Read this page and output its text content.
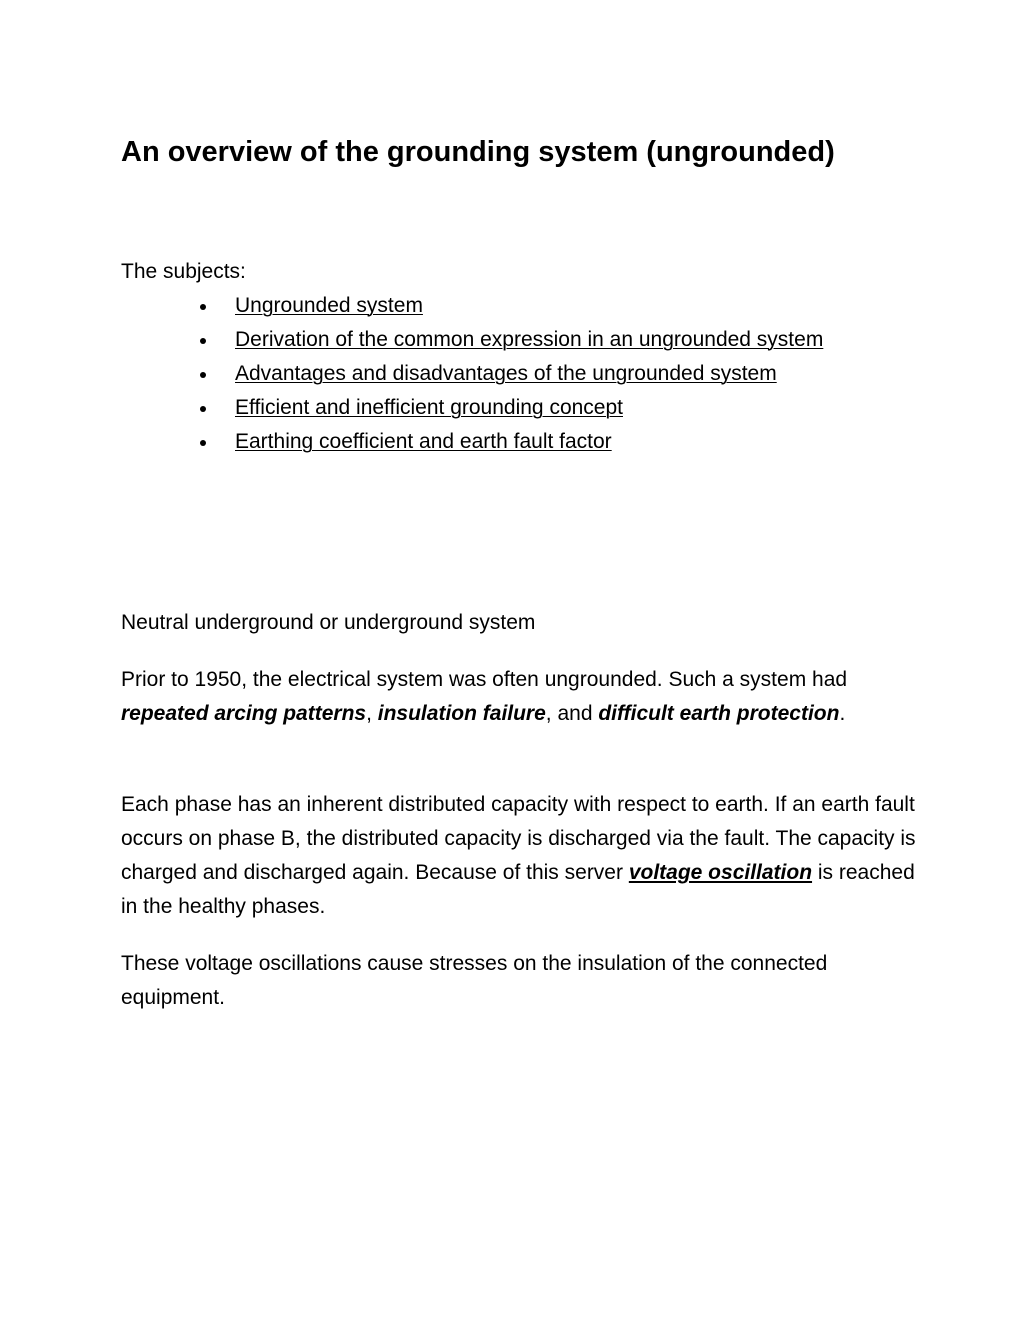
An overview of the grounding system (ungrounded)

The subjects:

Ungrounded system
Derivation of the common expression in an ungrounded system
Advantages and disadvantages of the ungrounded system
Efficient and inefficient grounding concept
Earthing coefficient and earth fault factor

Neutral underground or underground system

Prior to 1950, the electrical system was often ungrounded. Such a system had repeated arcing patterns, insulation failure, and difficult earth protection.

Each phase has an inherent distributed capacity with respect to earth. If an earth fault occurs on phase B, the distributed capacity is discharged via the fault. The capacity is charged and discharged again. Because of this server voltage oscillation is reached in the healthy phases.

These voltage oscillations cause stresses on the insulation of the connected equipment.
